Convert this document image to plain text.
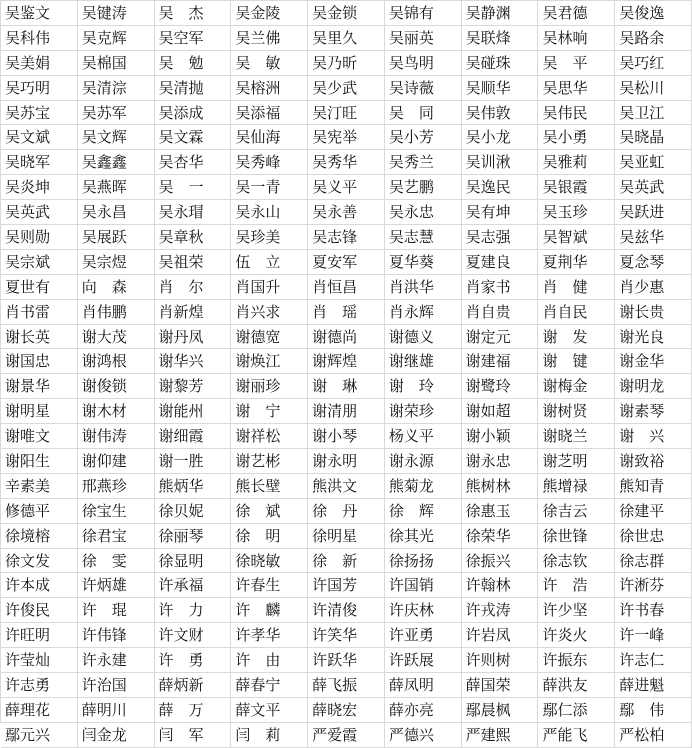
吴鉴文	吴键涛	吴　杰	吴金陵	吴金锁	吴锦有	吴静渊	吴君德	吴俊逸
吴科伟	吴克辉	吴空军	吴兰佛	吴里久	吴丽英	吴联烽	吴林响	吴路余
吴美娟	吴棉国	吴　勉	吴　敏	吴乃昕	吴鸟明	吴碰珠	吴　平	吴巧红
吴巧明	吴清淙	吴清抛	吴榕洲	吴少武	吴诗薇	吴顺华	吴思华	吴松川
吴苏宝	吴苏军	吴添成	吴添福	吴汀旺	吴　同	吴伟敦	吴伟民	吴卫江
吴文斌	吴文辉	吴文霖	吴仙海	吴宪举	吴小芳	吴小龙	吴小勇	吴晓晶
吴晓军	吴鑫鑫	吴杏华	吴秀峰	吴秀华	吴秀兰	吴训湫	吴雅莉	吴亚虹
吴炎坤	吴燕晖	吴　一	吴一青	吴义平	吴艺鹏	吴逸民	吴银霞	吴英武
吴英武	吴永昌	吴永瑁	吴永山	吴永善	吴永忠	吴有坤	吴玉珍	吴跃进
吴则勋	吴展跃	吴章秋	吴珍美	吴志锋	吴志慧	吴志强	吴智斌	吴兹华
吴宗斌	吴宗煜	吴祖荣	伍　立	夏安军	夏华葵	夏建良	夏荆华	夏念琴
夏世有	向　森	肖　尔	肖国升	肖恒昌	肖洪华	肖家书	肖　健	肖少惠
肖书雷	肖伟鹏	肖新煌	肖兴求	肖　瑶	肖永辉	肖自贵	肖自民	谢长贵
谢长英	谢大茂	谢丹凤	谢德宽	谢德尚	谢德义	谢定元	谢　发	谢光良
谢国忠	谢鸿根	谢华兴	谢焕江	谢辉煌	谢继雄	谢建福	谢　键	谢金华
谢景华	谢俊锁	谢黎芳	谢丽珍	谢　琳	谢　玲	谢鹭玲	谢梅金	谢明龙
谢明星	谢木材	谢能州	谢　宁	谢清朋	谢荣珍	谢如超	谢树贤	谢素琴
谢唯文	谢伟涛	谢细霞	谢祥松	谢小琴	杨义平	谢小颖	谢晓兰	谢　兴
谢阳生	谢仰建	谢一胜	谢艺彬	谢永明	谢永源	谢永忠	谢芝明	谢致裕
辛素美	邢燕珍	熊炳华	熊长壁	熊洪文	熊菊龙	熊树林	熊增禄	熊知青
修德平	徐宝生	徐贝妮	徐　斌	徐　丹	徐　辉	徐惠玉	徐吉云	徐建平
徐境榕	徐君宝	徐丽琴	徐　明	徐明星	徐其光	徐荣华	徐世锋	徐世忠
徐文发	徐　雯	徐显明	徐晓敏	徐　新	徐扬扬	徐振兴	徐志钦	徐志群
许本成	许炳雄	许承福	许春生	许国芳	许国销	许翰林	许　浩	许淅芬
许俊民	许　琨	许　力	许　麟	许清俊	许庆林	许戎涛	许少坚	许书春
许旺明	许伟锋	许文财	许孝华	许笑华	许亚勇	许岩凤	许炎火	许一峰
许莹灿	许永建	许　勇	许　由	许跃华	许跃展	许则树	许振东	许志仁
许志勇	许治国	薛炳新	薛春宁	薛飞振	薛凤明	薛国荣	薛洪友	薛进魁
薛理花	薛明川	薛　万	薛文平	薛晓宏	薛亦亮	鄢晨枫	鄢仁添	鄢　伟
鄢元兴	闫金龙	闫　军	闫　莉	严爱霞	严德兴	严建熙	严能飞	严松柏
